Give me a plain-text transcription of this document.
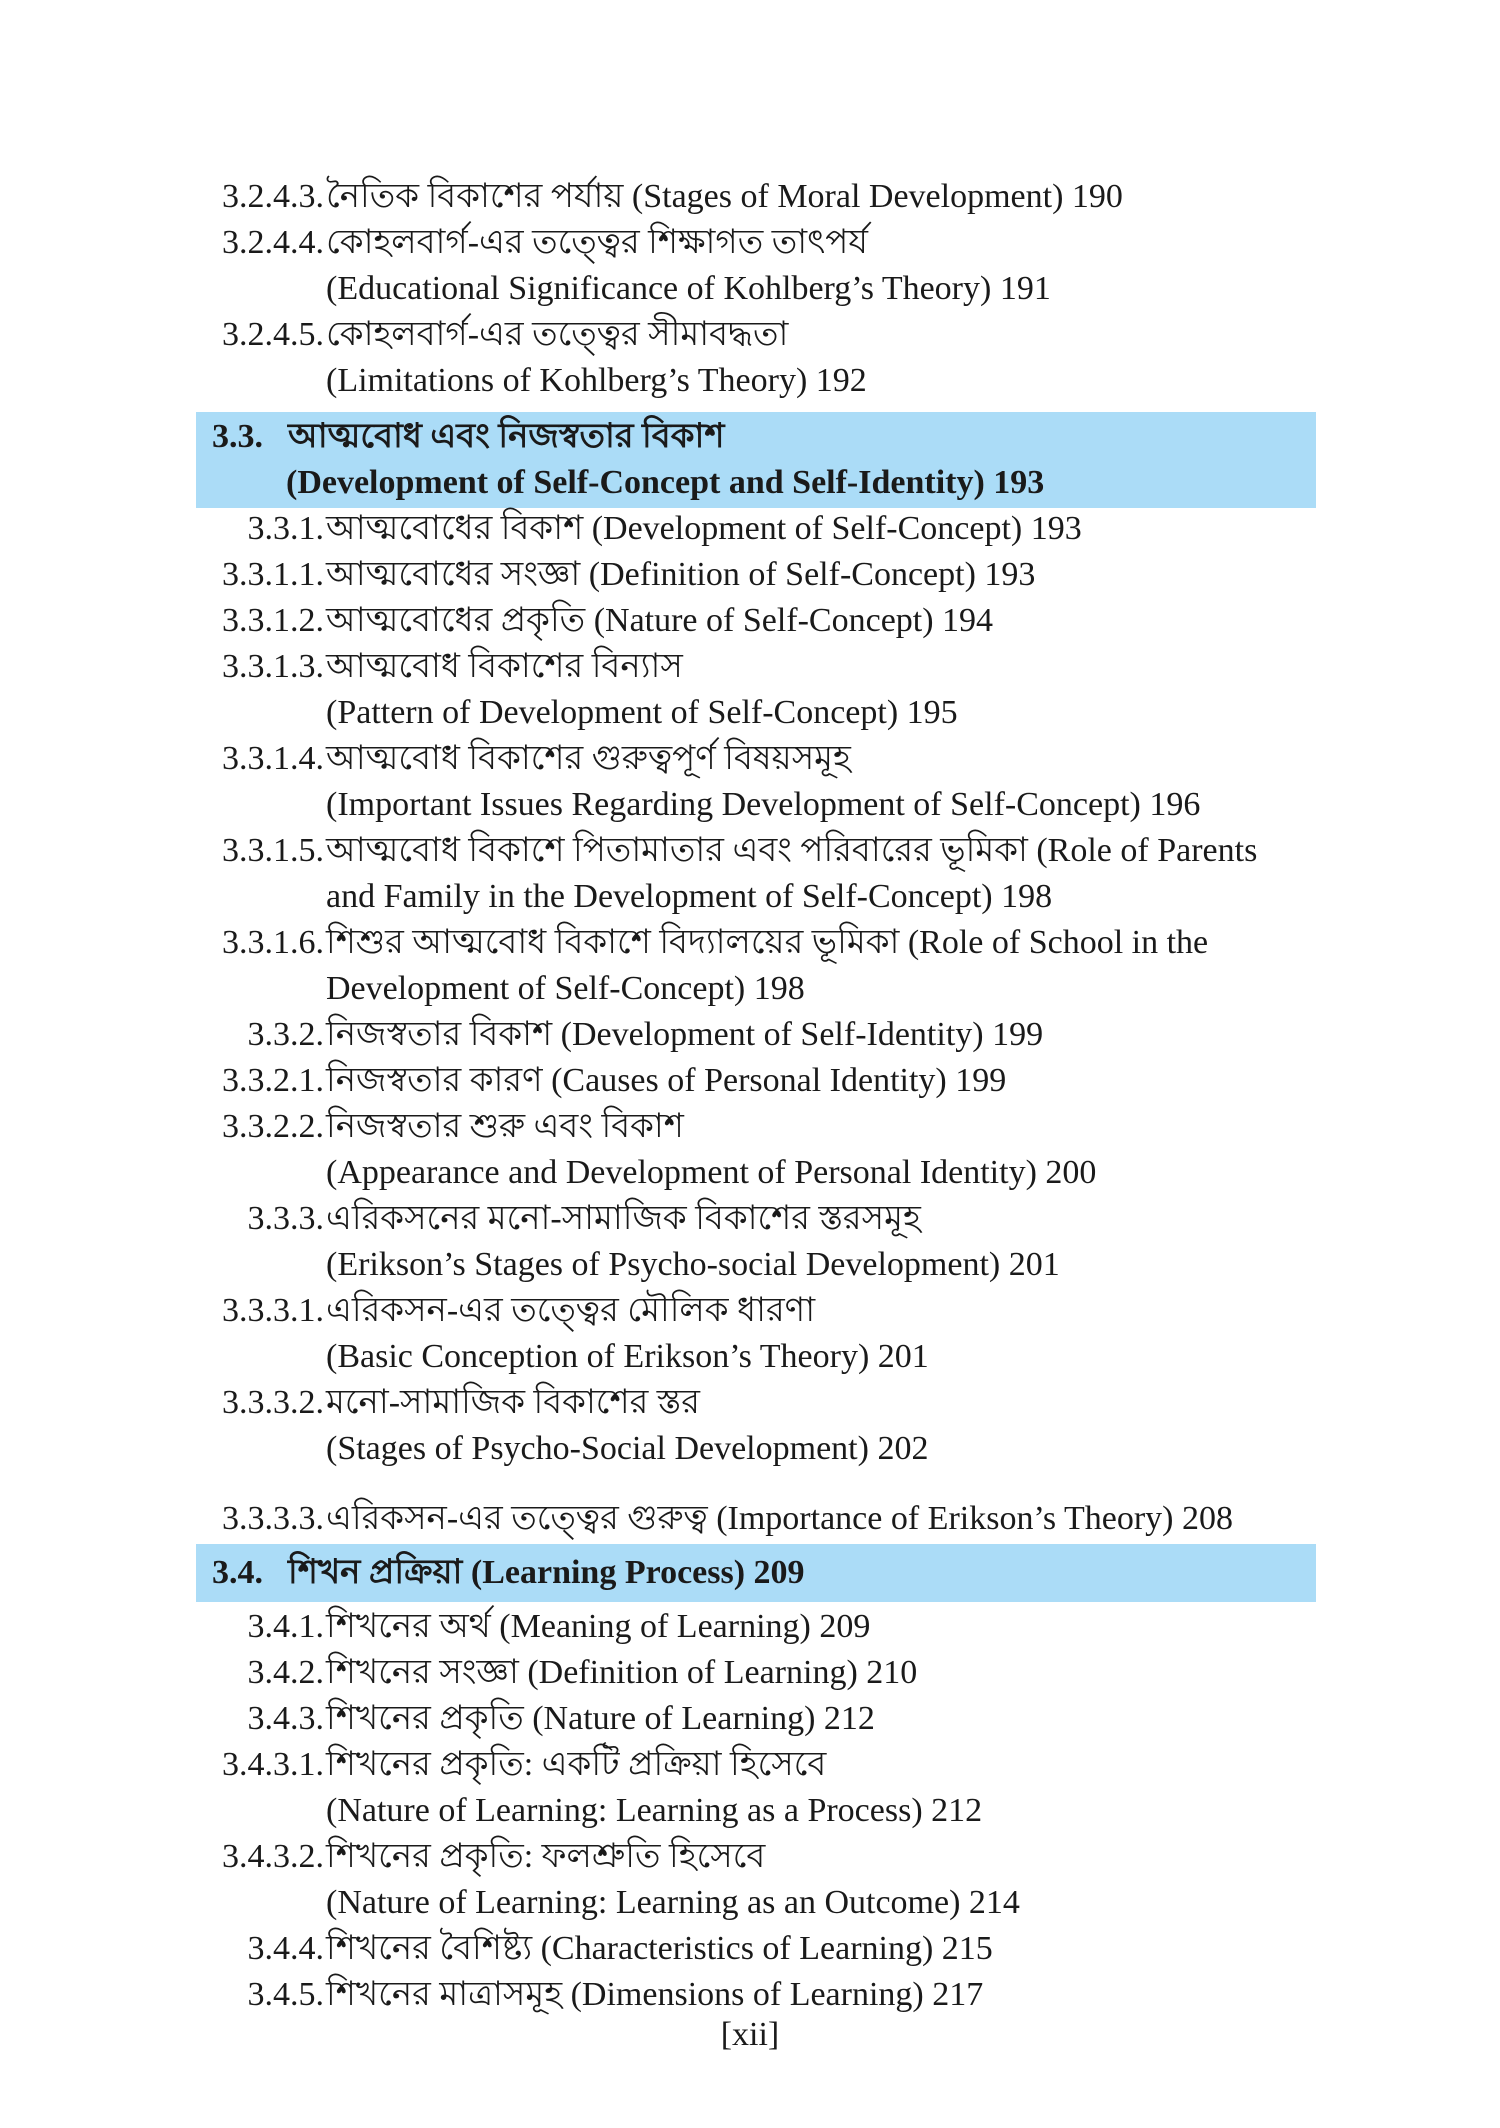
3.3. আত্মবোধ এবং নিজস্বতার বিকাশ
(Development of Self-Concept and Self-Identity) 193
3.4. শিখন প্রক্রিয়া (Learning Process) 209
3.2.4.3. নৈতিক বিকাশের পর্যায় (Stages of Moral Development) 190
3.2.4.4. কোহলবার্গ-এর তত্ত্বের শিক্ষাগত তাৎপর্য
(Educational Significance of Kohlberg’s Theory) 191
3.2.4.5. কোহলবার্গ-এর তত্ত্বের সীমাবদ্ধতা
(Limitations of Kohlberg’s Theory) 192
3.3.1. আত্মবোধের বিকাশ (Development of Self-Concept) 193
3.3.1.1. আত্মবোধের সংজ্ঞা (Definition of Self-Concept) 193
3.3.1.2. আত্মবোধের প্রকৃতি (Nature of Self-Concept) 194
3.3.1.3. আত্মবোধ বিকাশের বিন্যাস
(Pattern of Development of Self-Concept) 195
3.3.1.4. আত্মবোধ বিকাশের গুরুত্বপূর্ণ বিষয়সমূহ
(Important Issues Regarding Development of Self-Concept) 196
3.3.1.5. আত্মবোধ বিকাশে পিতামাতার এবং পরিবারের ভূমিকা (Role of Parents
and Family in the Development of Self-Concept) 198
3.3.1.6. শিশুর আত্মবোধ বিকাশে বিদ্যালয়ের ভূমিকা (Role of School in the
Development of Self-Concept) 198
3.3.2. নিজস্বতার বিকাশ (Development of Self-Identity) 199
3.3.2.1. নিজস্বতার কারণ (Causes of Personal Identity) 199
3.3.2.2. নিজস্বতার শুরু এবং বিকাশ
(Appearance and Development of Personal Identity) 200
3.3.3. এরিকসনের মনো-সামাজিক বিকাশের স্তরসমূহ
(Erikson’s Stages of Psycho-social Development) 201
3.3.3.1. এরিকসন-এর তত্ত্বের মৌলিক ধারণা
(Basic Conception of Erikson’s Theory) 201
3.3.3.2. মনো-সামাজিক বিকাশের স্তর
(Stages of Psycho-Social Development) 202
3.3.3.3. এরিকসন-এর তত্ত্বের গুরুত্ব (Importance of Erikson’s Theory) 208
3.4.1. শিখনের অর্থ (Meaning of Learning) 209
3.4.2. শিখনের সংজ্ঞা (Definition of Learning) 210
3.4.3. শিখনের প্রকৃতি (Nature of Learning) 212
3.4.3.1. শিখনের প্রকৃতি: একটি প্রক্রিয়া হিসেবে
(Nature of Learning: Learning as a Process) 212
3.4.3.2. শিখনের প্রকৃতি: ফলশ্রুতি হিসেবে
(Nature of Learning: Learning as an Outcome) 214
3.4.4. শিখনের বৈশিষ্ট্য (Characteristics of Learning) 215
3.4.5. শিখনের মাত্রাসমূহ (Dimensions of Learning) 217
[xii]
